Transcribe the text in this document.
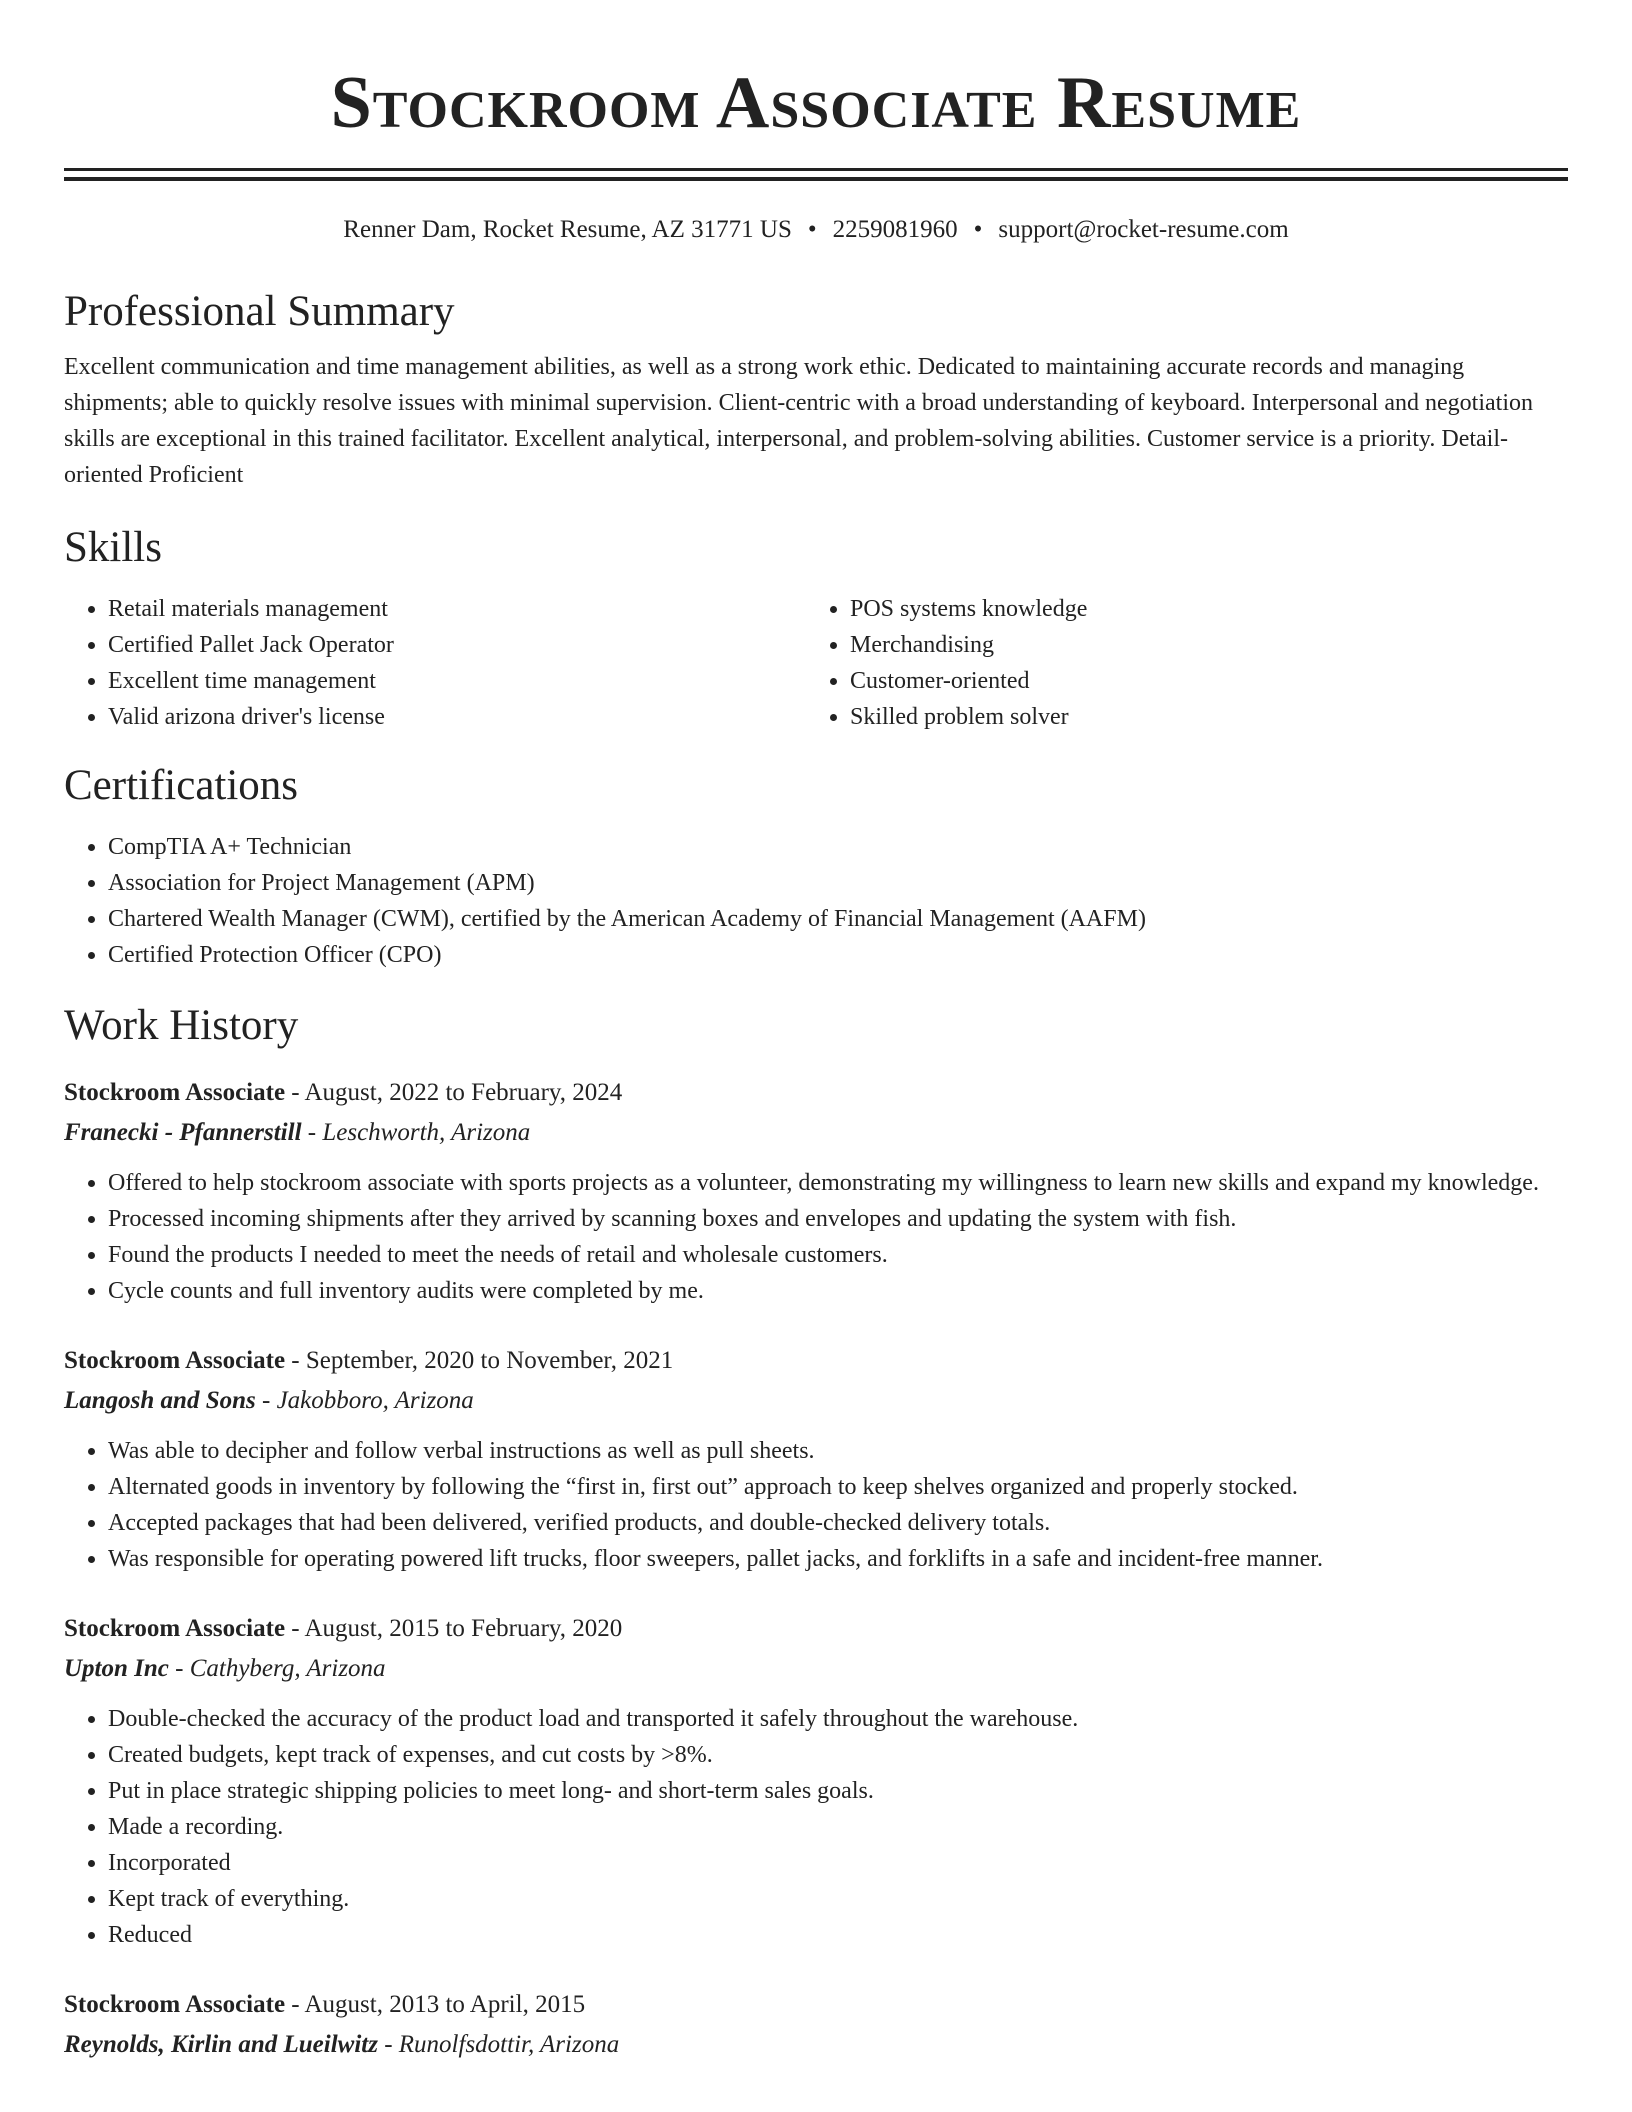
Stockroom Associate Resume
Renner Dam, Rocket Resume, AZ 31771 US • 2259081960 • support@rocket-resume.com
Professional Summary

Excellent communication and time management abilities, as well as a strong work ethic. Dedicated to maintaining accurate records and managing shipments; able to quickly resolve issues with minimal supervision. Client-centric with a broad understanding of keyboard. Interpersonal and negotiation skills are exceptional in this trained facilitator. Excellent analytical, interpersonal, and problem-solving abilities. Customer service is a priority. Detail-oriented Proficient

Skills
• Retail materials management
• Certified Pallet Jack Operator
• Excellent time management
• Valid arizona driver's license
• POS systems knowledge
• Merchandising
• Customer-oriented
• Skilled problem solver
Certifications
• CompTIA A+ Technician
• Association for Project Management (APM)
• Chartered Wealth Manager (CWM), certified by the American Academy of Financial Management (AAFM)
• Certified Protection Officer (CPO)
Work History
Stockroom Associate - August, 2022 to February, 2024
Franecki - Pfannerstill - Leschworth, Arizona
• Offered to help stockroom associate with sports projects as a volunteer, demonstrating my willingness to learn new skills and expand my knowledge.
• Processed incoming shipments after they arrived by scanning boxes and envelopes and updating the system with fish.
• Found the products I needed to meet the needs of retail and wholesale customers.
• Cycle counts and full inventory audits were completed by me.
Stockroom Associate - September, 2020 to November, 2021
Langosh and Sons - Jakobboro, Arizona
• Was able to decipher and follow verbal instructions as well as pull sheets.
• Alternated goods in inventory by following the “first in, first out” approach to keep shelves organized and properly stocked.
• Accepted packages that had been delivered, verified products, and double-checked delivery totals.
• Was responsible for operating powered lift trucks, floor sweepers, pallet jacks, and forklifts in a safe and incident-free manner.
Stockroom Associate - August, 2015 to February, 2020
Upton Inc - Cathyberg, Arizona
• Double-checked the accuracy of the product load and transported it safely throughout the warehouse.
• Created budgets, kept track of expenses, and cut costs by >8%.
• Put in place strategic shipping policies to meet long- and short-term sales goals.
• Made a recording.
• Incorporated
• Kept track of everything.
• Reduced
Stockroom Associate - August, 2013 to April, 2015
Reynolds, Kirlin and Lueilwitz - Runolfsdottir, Arizona
